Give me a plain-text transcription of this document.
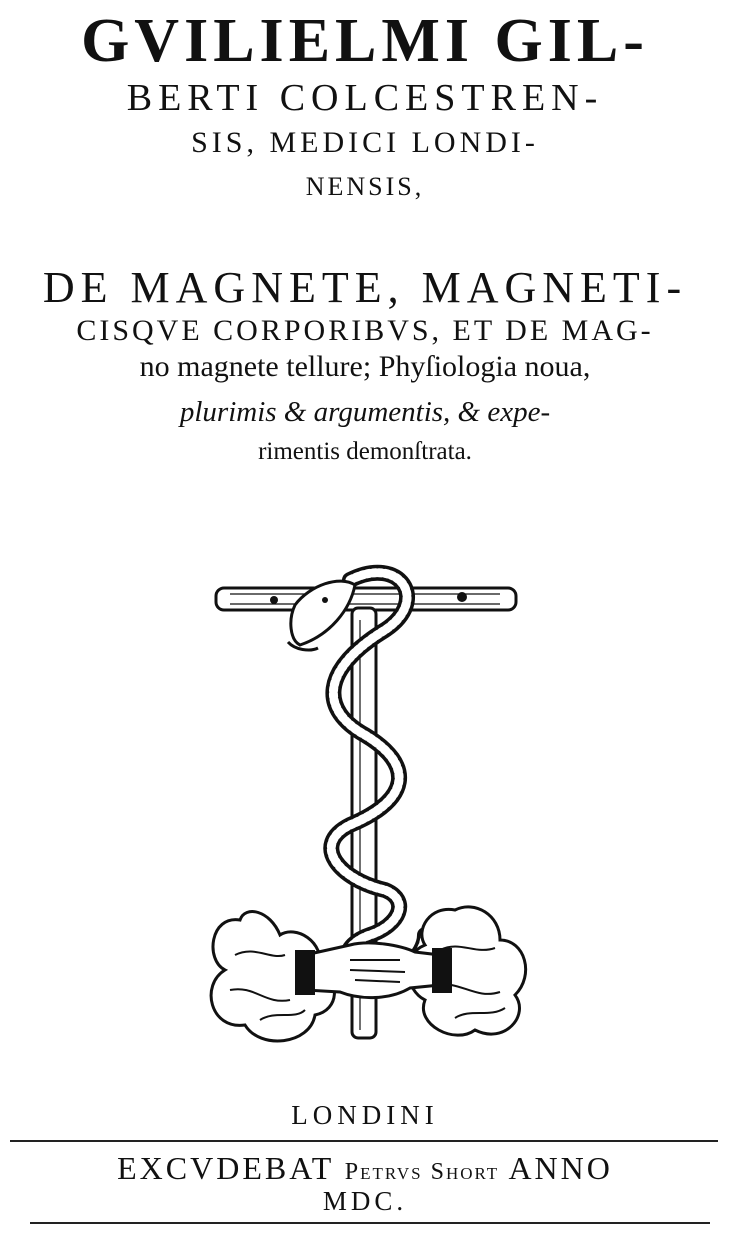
GVILIELMI GIL-

BERTI COLCESTREN-

SIS, MEDICI LONDI-

NENSIS,

DE MAGNETE, MAGNETI-

CISQVE CORPORIBVS, ET DE MAG-

no magnete tellure; Phyſiologia noua,

plurimis & argumentis, & expe-

rimentis demonſtrata.

LONDINI

EXCVDEBAT Petrvs Short ANNO

MDC.
